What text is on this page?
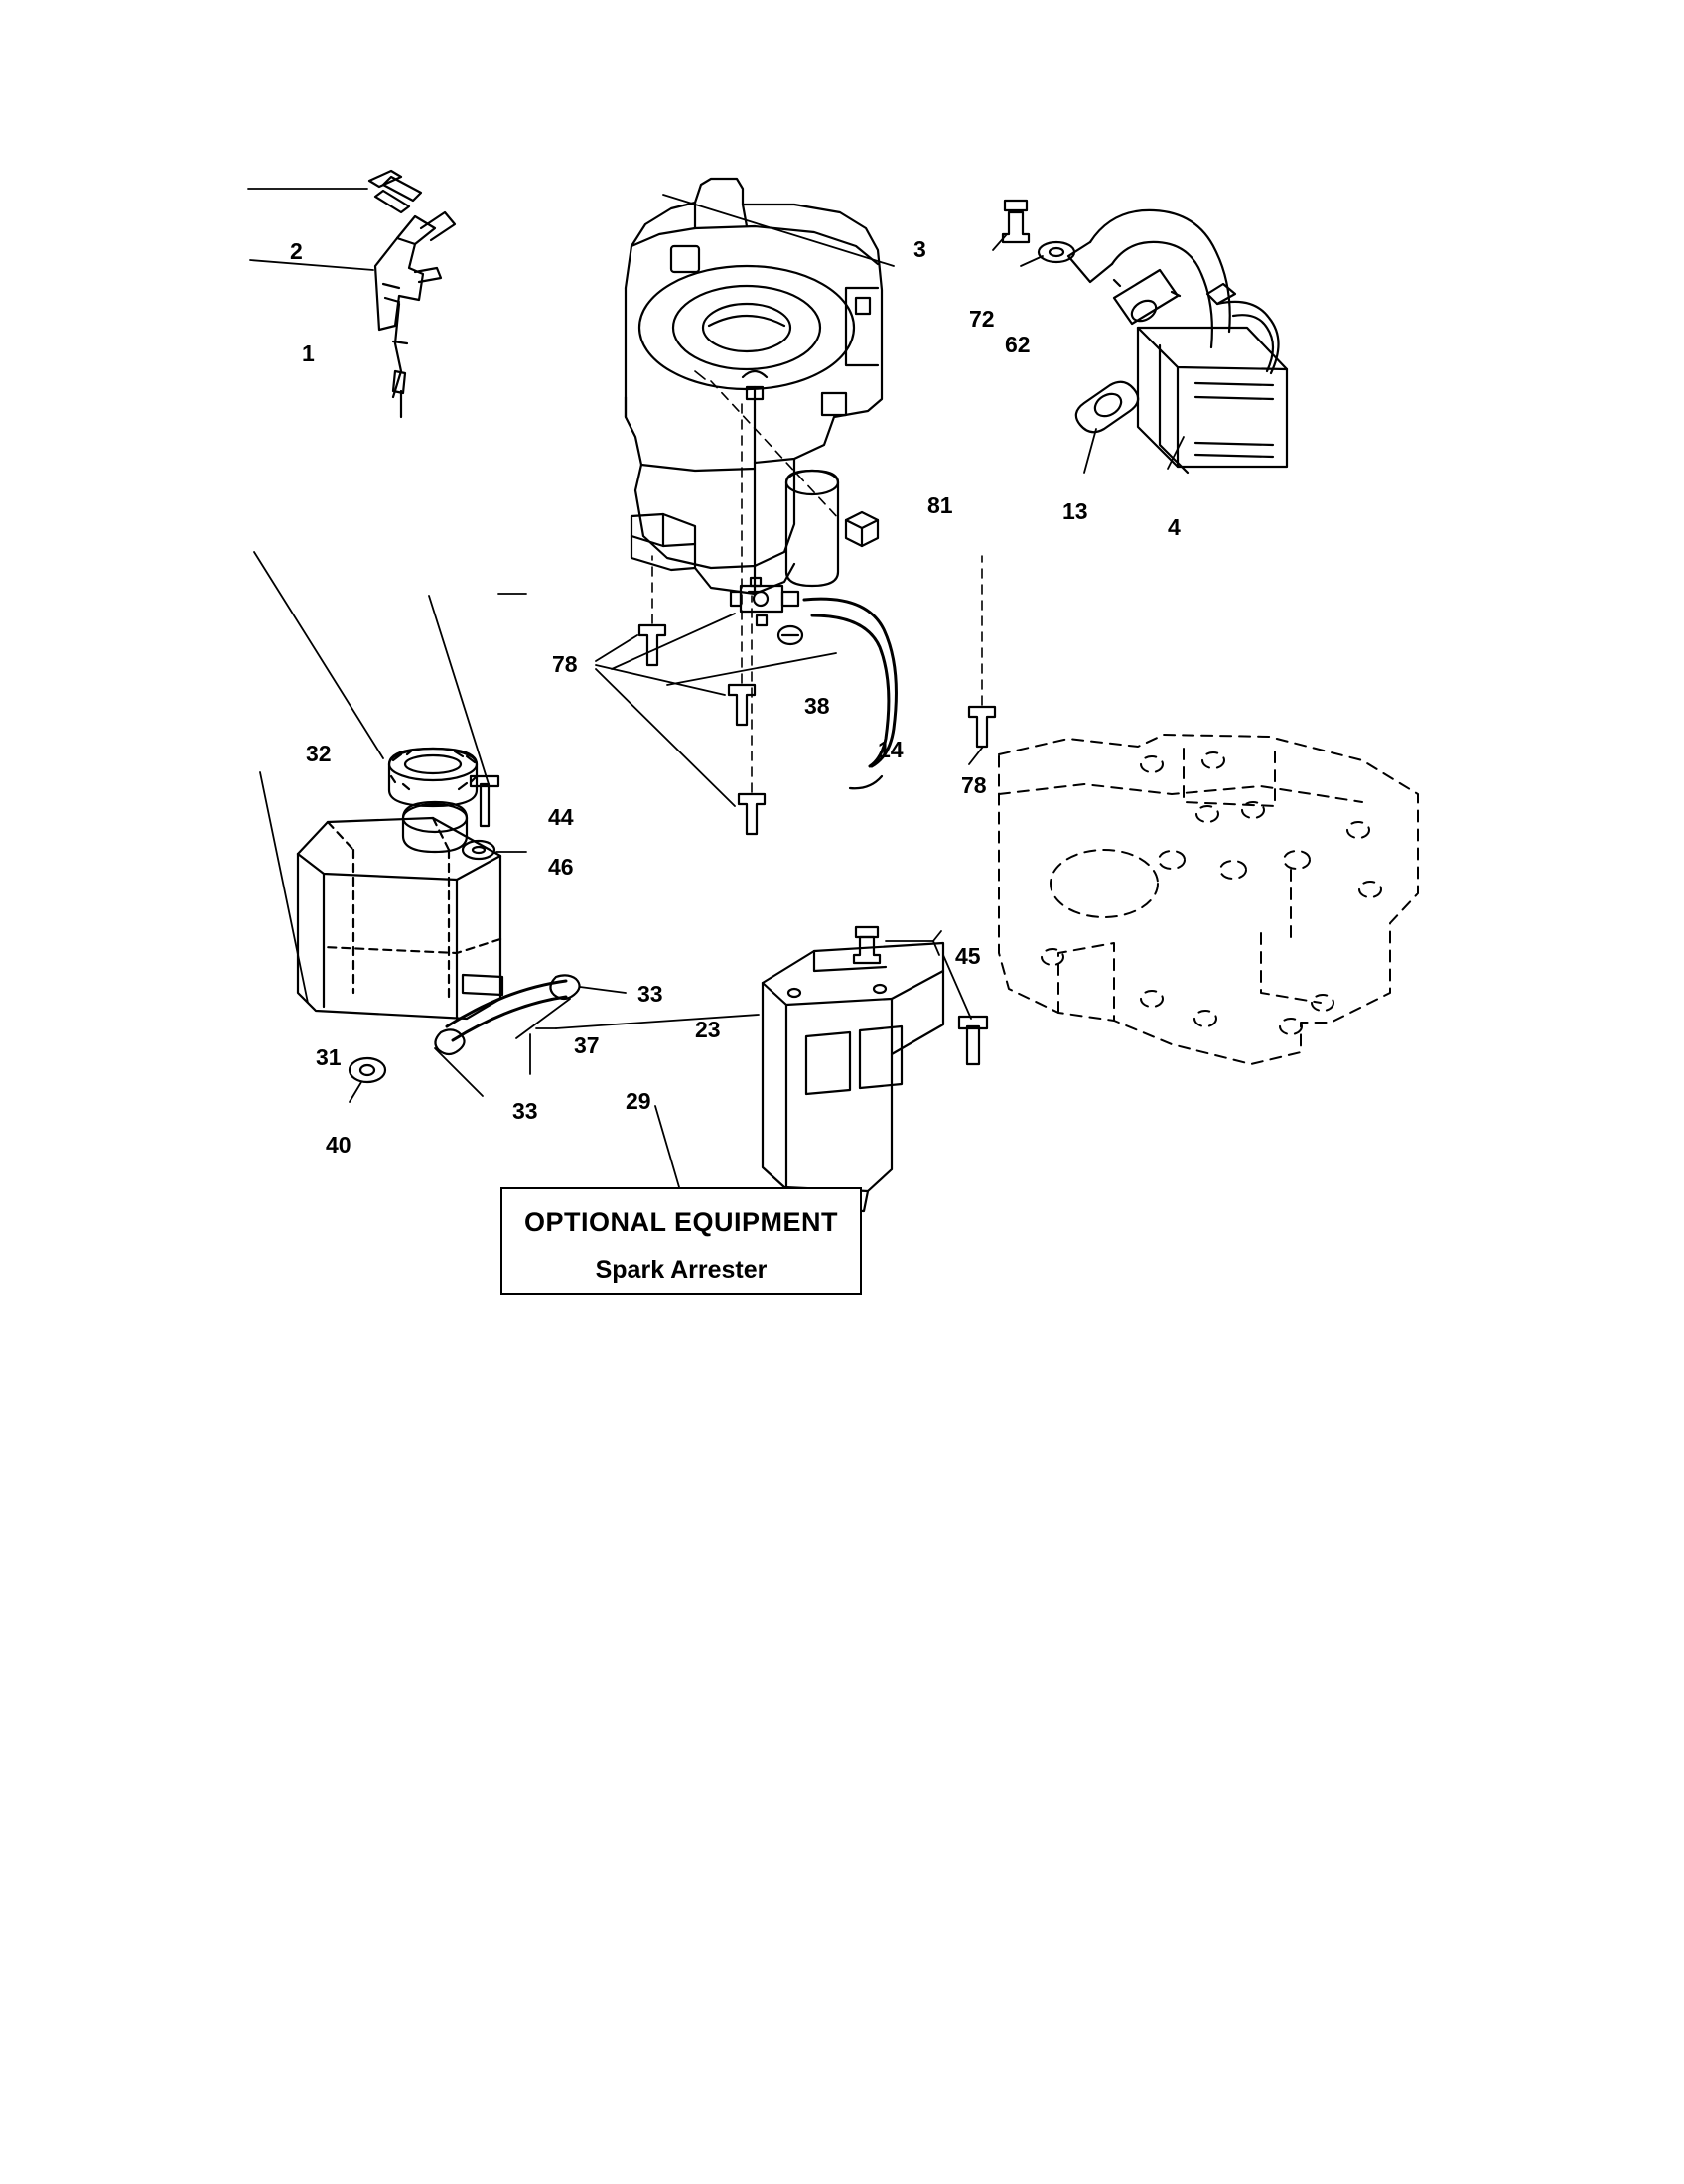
2
1
3
72
62
13
4
81
78
38
14
78
32
44
46
33
37
31
33
40
45
23
29
OPTIONAL EQUIPMENT
Spark Arrester
